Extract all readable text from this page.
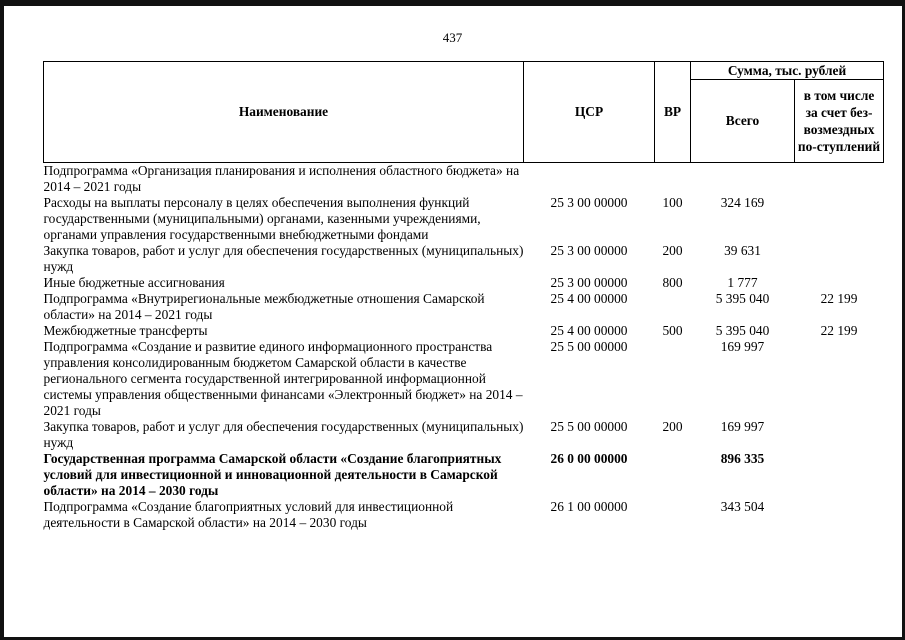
437
Наименование	ЦСР	ВР	Сумма, тыс. рублей	
			Всего	в том числе за счет без-возмездных по-ступлений
Подпрограмма «Организация планирования и исполнения областного бюджета» на 2014 – 2021 годы				
Расходы на выплаты персоналу в целях обеспечения выполнения функций государственными (муниципальными) органами, казенными учреждениями, органами управления государственными внебюджетными фондами	25 3 00 00000	100	324 169	
Закупка товаров, работ и услуг для обеспечения государственных (муниципальных) нужд	25 3 00 00000	200	39 631	
Иные бюджетные ассигнования	25 3 00 00000	800	1 777	
Подпрограмма «Внутрирегиональные межбюджетные отношения Самарской области» на 2014 – 2021 годы	25 4 00 00000		5 395 040	22 199
Межбюджетные трансферты	25 4 00 00000	500	5 395 040	22 199
Подпрограмма «Создание и развитие единого информационного пространства управления консолидированным бюджетом Самарской области в качестве регионального сегмента государственной интегрированной информационной системы управления общественными финансами «Электронный бюджет» на 2014 – 2021 годы	25 5 00 00000		169 997	
Закупка товаров, работ и услуг для обеспечения государственных (муниципальных) нужд	25 5 00 00000	200	169 997	
Государственная программа Самарской области «Создание благоприятных условий для инвестиционной и инновационной деятельности в Самарской области» на 2014 – 2030 годы	26 0 00 00000		896 335	
Подпрограмма «Создание благоприятных условий для инвестиционной деятельности в Самарской области» на 2014 – 2030 годы	26 1 00 00000		343 504	
